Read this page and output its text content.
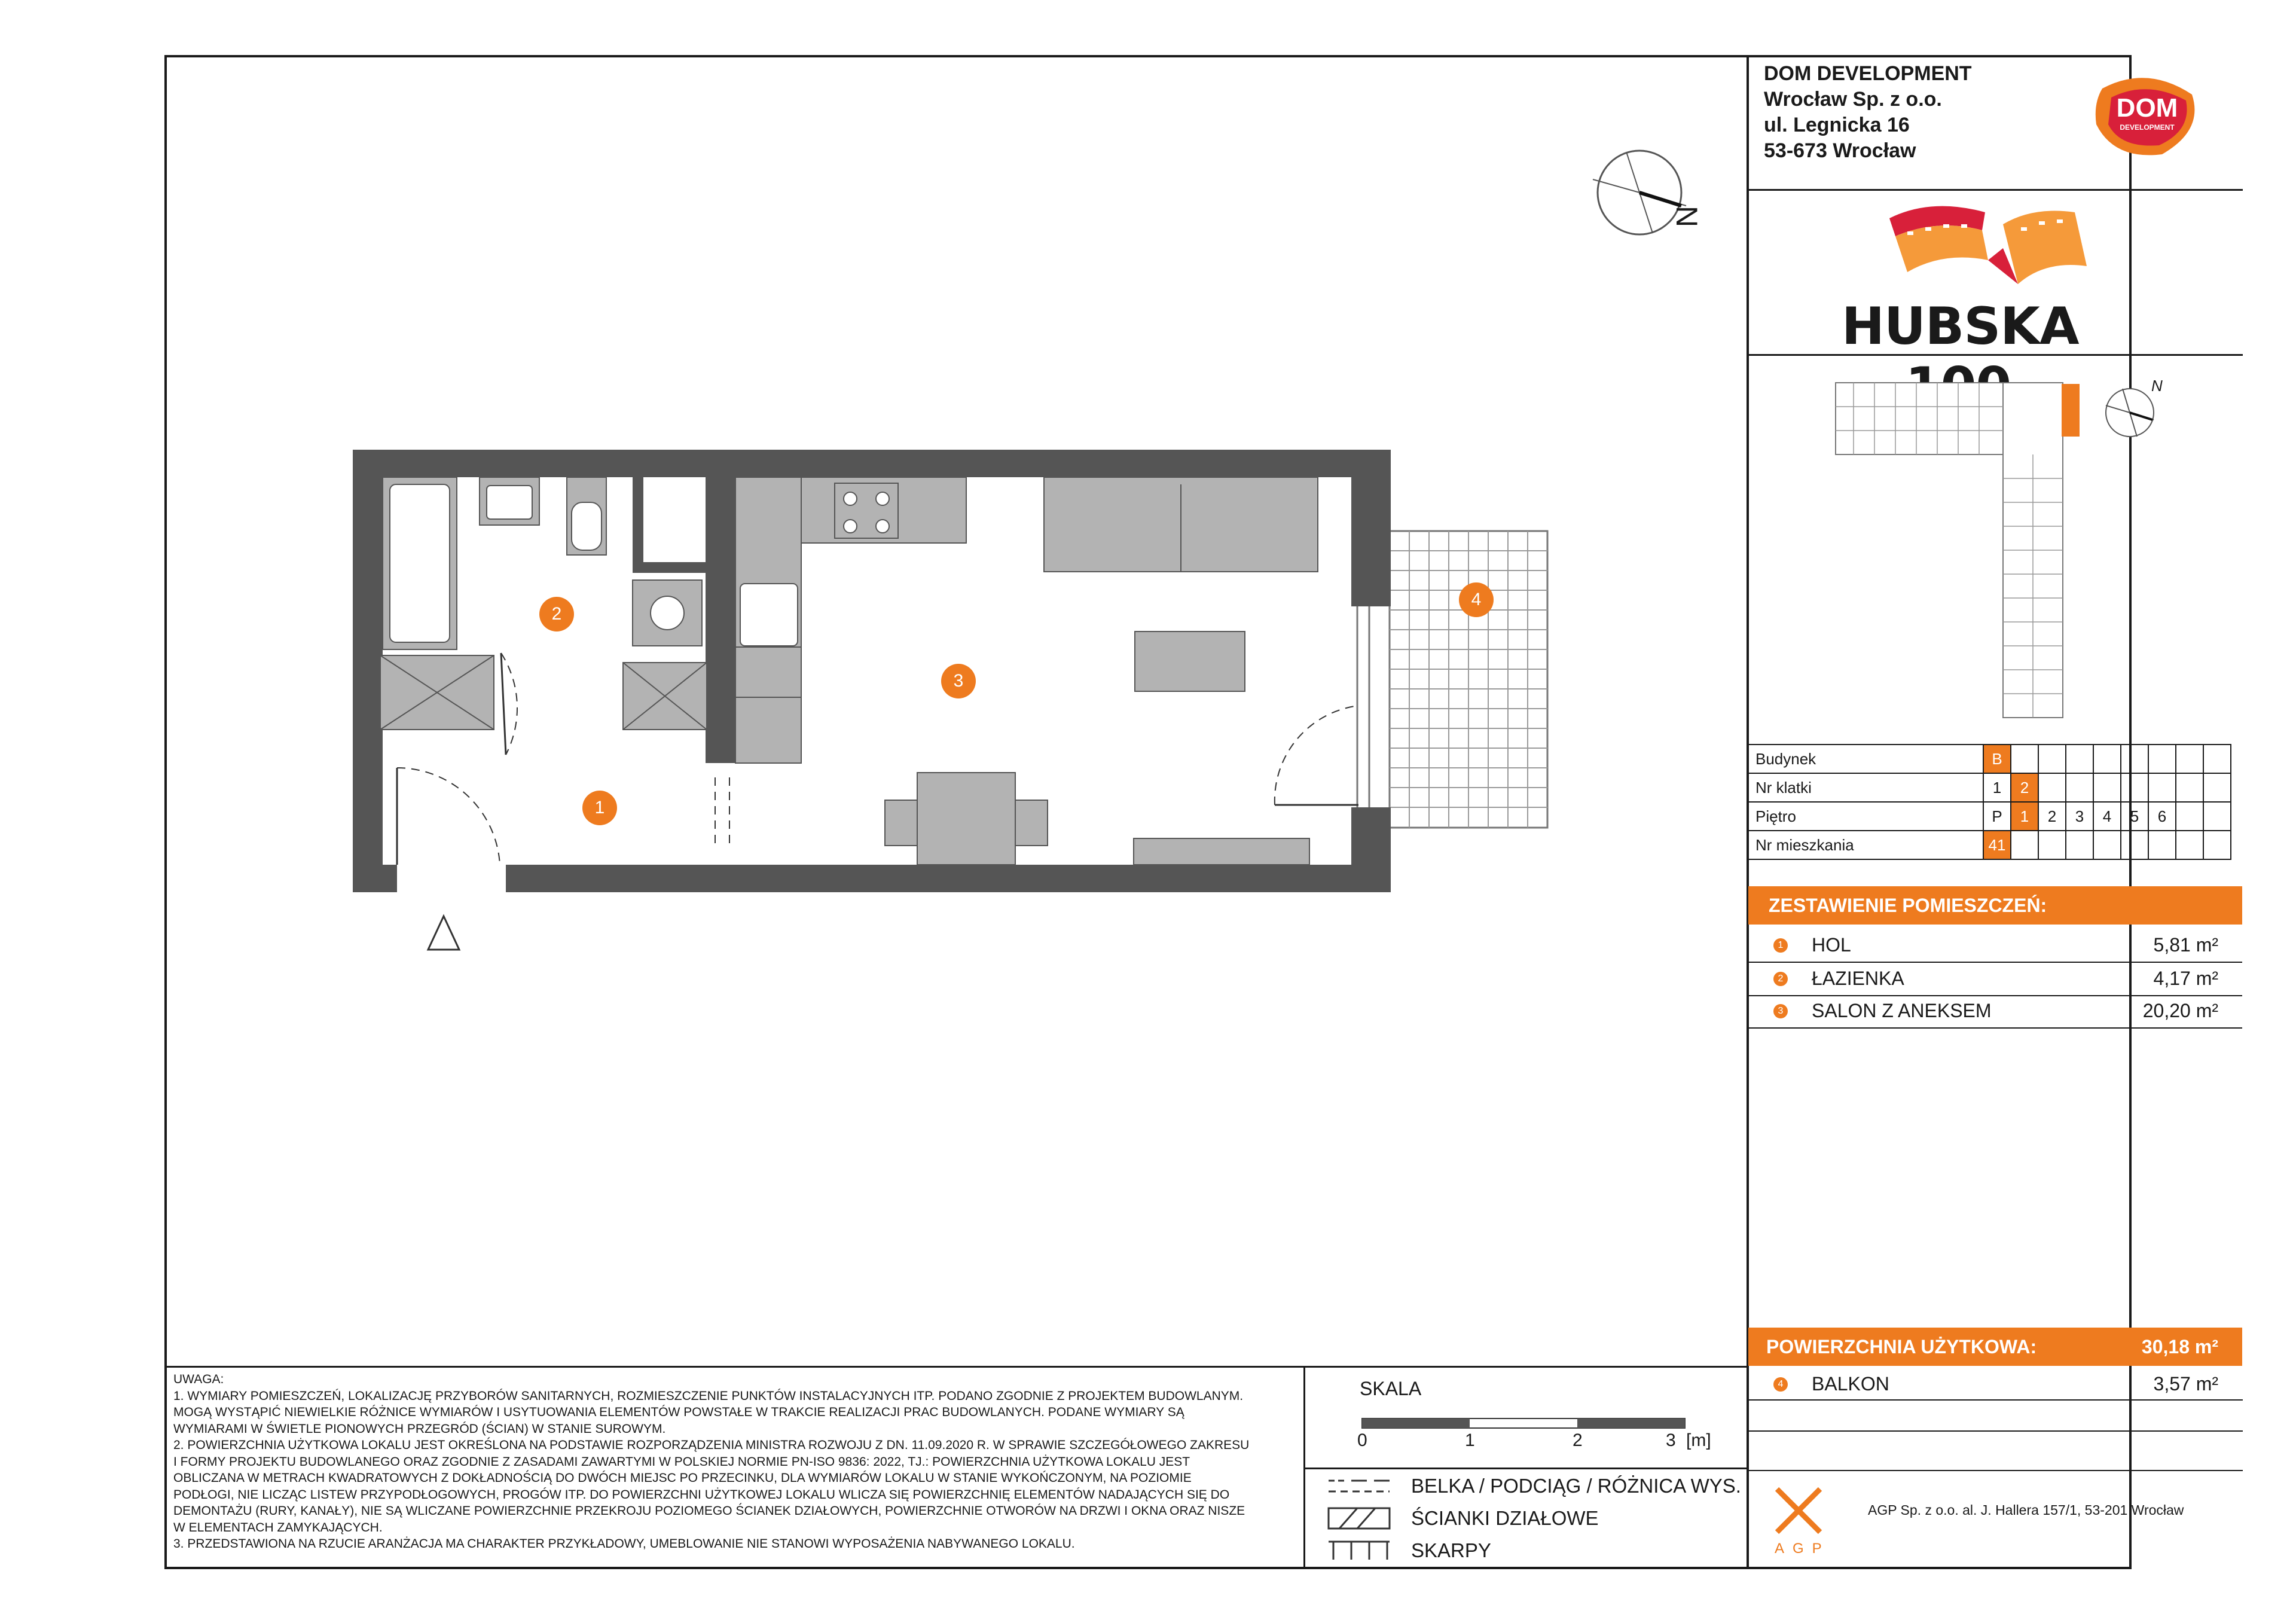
N
1
2
3
4
DOM DEVELOPMENT
Wrocław Sp. z o.o.
ul. Legnicka 16
53-673 Wrocław
DOM
DEVELOPMENT
HUBSKA
N
Budynek	B								
Nr klatki	1	2							
Piętro	P	1	2	3	4	5	6		
Nr mieszkania	41								
ZESTAWIENIE POMIESZCZEŃ:
1 HOL	5,81 m²
2 ŁAZIENKA	4,17 m²
3 SALON Z ANEKSEM	20,20 m²
POWIERZCHNIA UŻYTKOWA:	30,18 m²
4 BALKON	3,57 m²
UWAGA:
1. WYMIARY POMIESZCZEŃ, LOKALIZACJĘ PRZYBORÓW SANITARNYCH, ROZMIESZCZENIE PUNKTÓW INSTALACYJNYCH ITP. PODANO ZGODNIE Z PROJEKTEM BUDOWLANYM.
MOGĄ WYSTĄPIĆ NIEWIELKIE RÓŻNICE WYMIARÓW I USYTUOWANIA ELEMENTÓW POWSTAŁE W TRAKCIE REALIZACJI PRAC BUDOWLANYCH. PODANE WYMIARY SĄ
WYMIARAMI W ŚWIETLE PIONOWYCH PRZEGRÓD (ŚCIAN) W STANIE SUROWYM.
2. POWIERZCHNIA UŻYTKOWA LOKALU JEST OKREŚLONA NA PODSTAWIE ROZPORZĄDZENIA MINISTRA ROZWOJU Z DN. 11.09.2020 R. W SPRAWIE SZCZEGÓŁOWEGO ZAKRESU
I FORMY PROJEKTU BUDOWLANEGO ORAZ ZGODNIE Z ZASADAMI ZAWARTYMI W POLSKIEJ NORMIE PN-ISO 9836: 2022, TJ.: POWIERZCHNIA UŻYTKOWA LOKALU JEST
OBLICZANA W METRACH KWADRATOWYCH Z DOKŁADNOŚCIĄ DO DWÓCH MIEJSC PO PRZECINKU, DLA WYMIARÓW LOKALU W STANIE WYKOŃCZONYM, NA POZIOMIE
PODŁOGI, NIE LICZĄC LISTEW PRZYPODŁOGOWYCH, PROGÓW ITP. DO POWIERZCHNI UŻYTKOWEJ LOKALU WLICZA SIĘ POWIERZCHNIĘ ELEMENTÓW NADAJĄCYCH SIĘ DO
DEMONTAŻU (RURY, KANAŁY), NIE SĄ WLICZANE POWIERZCHNIE PRZEKROJU POZIOMEGO ŚCIANEK DZIAŁOWYCH, POWIERZCHNIE OTWORÓW NA DRZWI I OKNA ORAZ NISZE
W ELEMENTACH ZAMYKAJĄCYCH.
3. PRZEDSTAWIONA NA RZUCIE ARANŻACJA MA CHARAKTER PRZYKŁADOWY, UMEBLOWANIE NIE STANOWI WYPOSAŻENIA NABYWANEGO LOKALU.
SKALA
0	1	2	3 [m]
BELKA / PODCIĄG / RÓŻNICA WYS.
ŚCIANKI DZIAŁOWE
SKARPY	AGP
AGP Sp. z o.o. al. J. Hallera 157/1, 53-201 Wrocław
